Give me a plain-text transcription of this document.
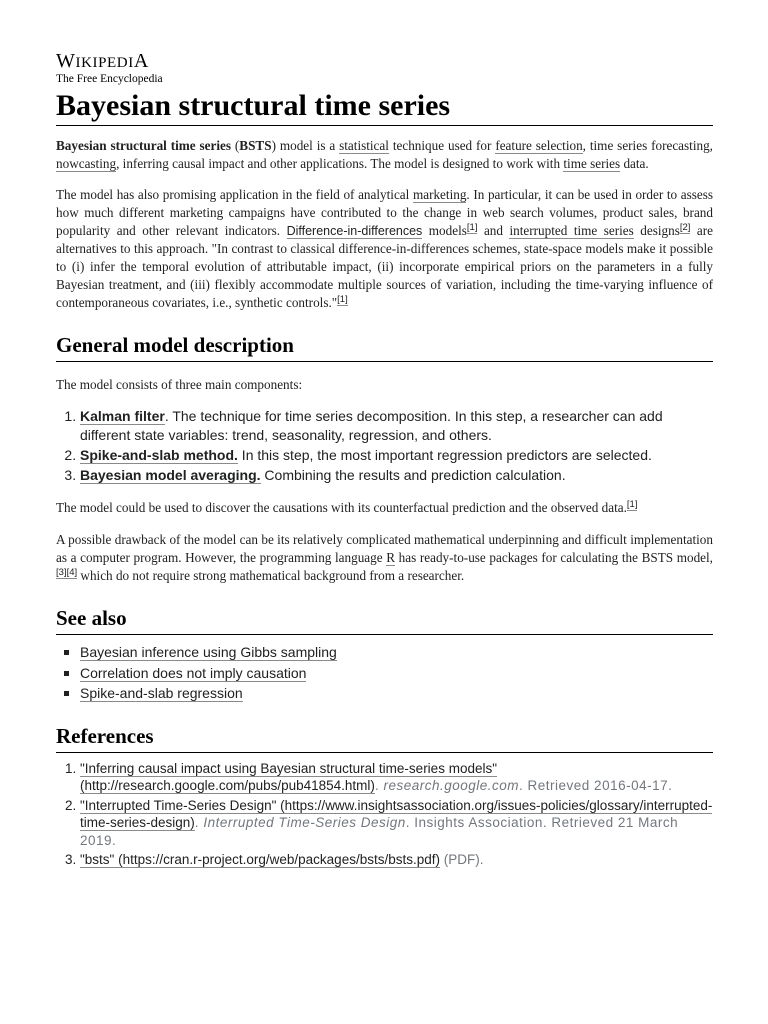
WIKIPEDIA
The Free Encyclopedia
Bayesian structural time series

Bayesian structural time series (BSTS) model is a statistical technique used for feature selection, time series forecasting, nowcasting, inferring causal impact and other applications. The model is designed to work with time series data.

The model has also promising application in the field of analytical marketing. In particular, it can be used in order to assess how much different marketing campaigns have contributed to the change in web search volumes, product sales, brand popularity and other relevant indicators. Difference-in-differences models[1] and interrupted time series designs[2] are alternatives to this approach. "In contrast to classical difference-in-differences schemes, state-space models make it possible to (i) infer the temporal evolution of attributable impact, (ii) incorporate empirical priors on the parameters in a fully Bayesian treatment, and (iii) flexibly accommodate multiple sources of variation, including the time-varying influence of contemporaneous covariates, i.e., synthetic controls."[1]

General model description

The model consists of three main components:

1. Kalman filter. The technique for time series decomposition. In this step, a researcher can add different state variables: trend, seasonality, regression, and others.
2. Spike-and-slab method. In this step, the most important regression predictors are selected.
3. Bayesian model averaging. Combining the results and prediction calculation.

The model could be used to discover the causations with its counterfactual prediction and the observed data.[1]

A possible drawback of the model can be its relatively complicated mathematical underpinning and difficult implementation as a computer program. However, the programming language R has ready-to-use packages for calculating the BSTS model,[3][4] which do not require strong mathematical background from a researcher.

See also
Bayesian inference using Gibbs sampling
Correlation does not imply causation
Spike-and-slab regression
References
1. "Inferring causal impact using Bayesian structural time-series models" (http://research.google.com/pubs/pub41854.html). research.google.com. Retrieved 2016-04-17.
2. "Interrupted Time-Series Design" (https://www.insightsassociation.org/issues-policies/glossary/interrupted-time-series-design). Interrupted Time-Series Design. Insights Association. Retrieved 21 March 2019.
3. "bsts" (https://cran.r-project.org/web/packages/bsts/bsts.pdf) (PDF).
